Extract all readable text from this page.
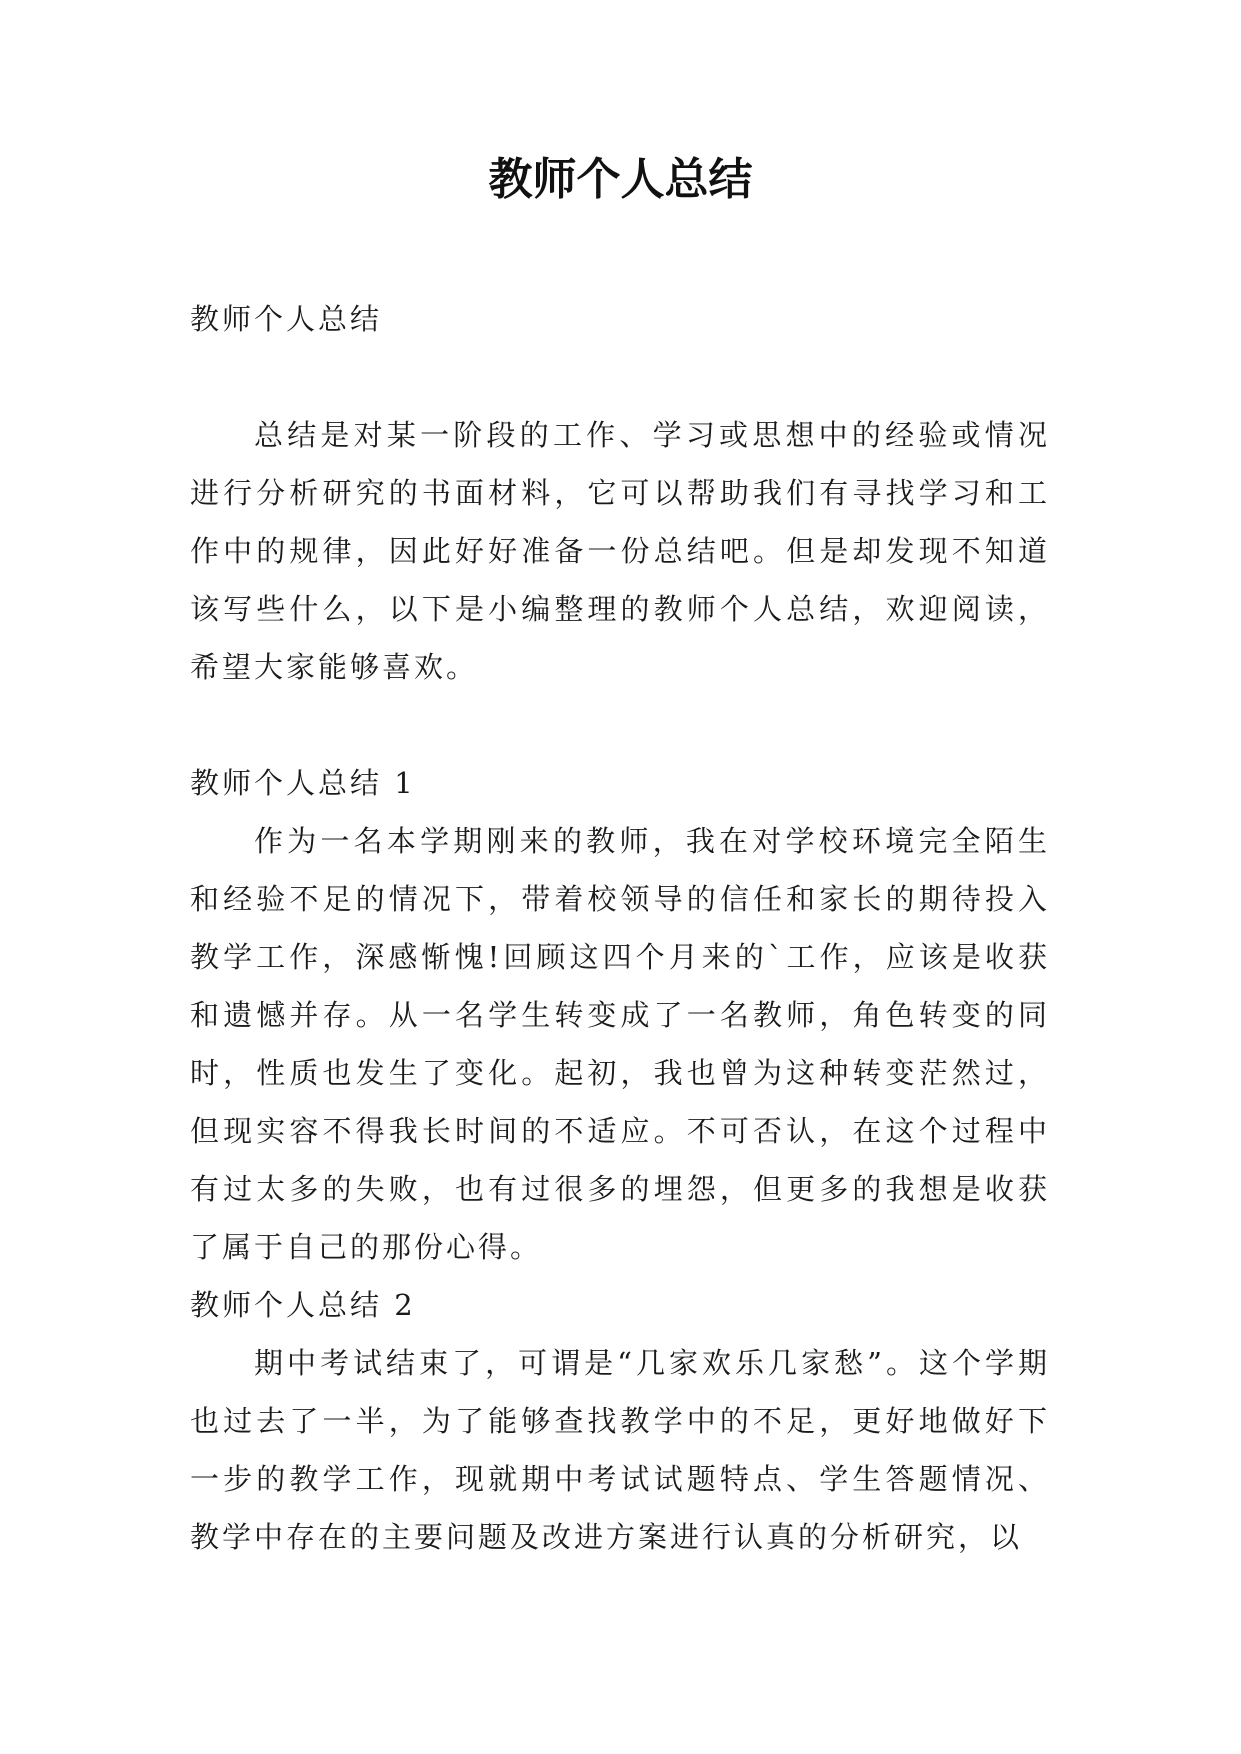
教师个人总结

教师个人总结

总结是对某一阶段的工作、学习或思想中的经验或情况进行分析研究的书面材料，它可以帮助我们有寻找学习和工作中的规律，因此好好准备一份总结吧。但是却发现不知道该写些什么，以下是小编整理的教师个人总结，欢迎阅读，希望大家能够喜欢。

教师个人总结 1

作为一名本学期刚来的教师，我在对学校环境完全陌生和经验不足的情况下，带着校领导的信任和家长的期待投入教学工作，深感惭愧!回顾这四个月来的`工作，应该是收获和遗憾并存。从一名学生转变成了一名教师，角色转变的同时，性质也发生了变化。起初，我也曾为这种转变茫然过，但现实容不得我长时间的不适应。不可否认，在这个过程中有过太多的失败，也有过很多的埋怨，但更多的我想是收获了属于自己的那份心得。

教师个人总结 2

期中考试结束了，可谓是“几家欢乐几家愁”。这个学期也过去了一半，为了能够查找教学中的不足，更好地做好下一步的教学工作，现就期中考试试题特点、学生答题情况、教学中存在的主要问题及改进方案进行认真的分析研究，以
